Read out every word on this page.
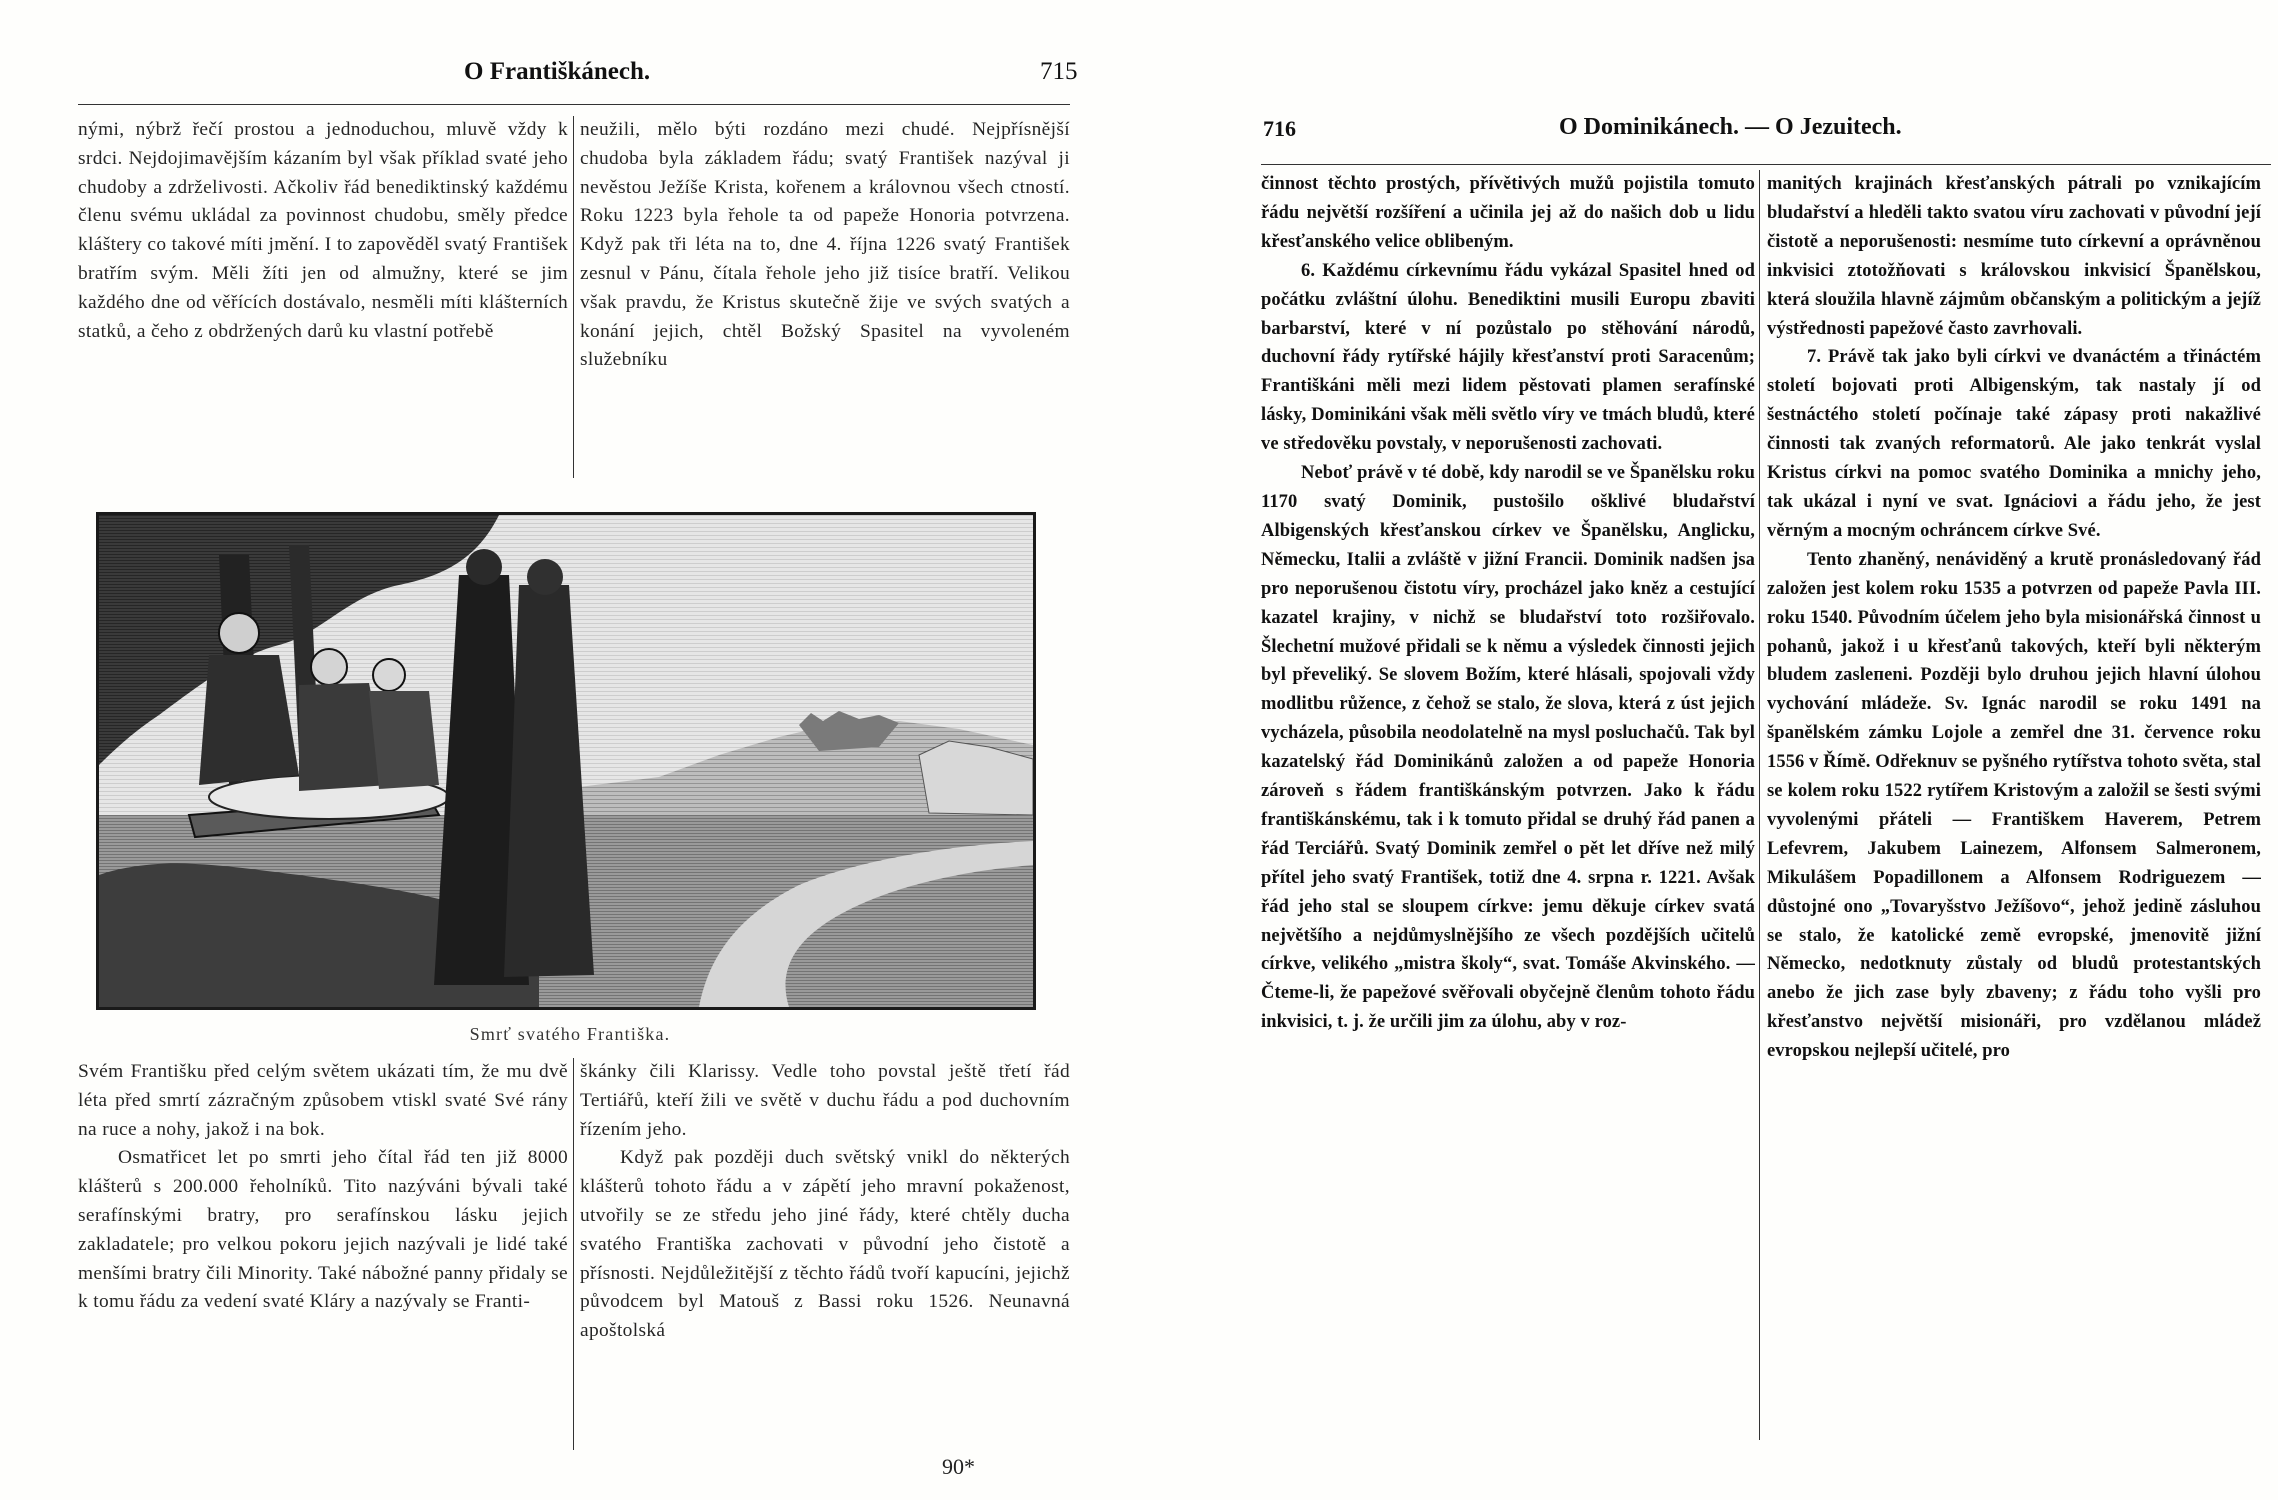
O Františkánech.	715

nými, nýbrž řečí prostou a jednoduchou, mluvě vždy k srdci. Nejdojimavějším kázaním byl však příklad svaté jeho chudoby a zdrželivosti. Ačkoliv řád benediktinský každému členu svému ukládal za povinnost chudobu, směly předce kláštery co takové míti jmění. I to zapověděl svatý František bratřím svým. Měli žíti jen od almužny, které se jim každého dne od věřících dostávalo, nesměli míti klášterních statků, a čeho z obdržených darů ku vlastní potřebě

neužili, mělo býti rozdáno mezi chudé. Nejpřísnější chudoba byla základem řádu; svatý František nazýval ji nevěstou Ježíše Krista, kořenem a královnou všech ctností. Roku 1223 byla řehole ta od papeže Honoria potvrzena. Když pak tři léta na to, dne 4. října 1226 svatý František zesnul v Pánu, čítala řehole jeho již tisíce bratří. Velikou však pravdu, že Kristus skutečně žije ve svých svatých a konání jejich, chtěl Božský Spasitel na vyvoleném služebníku

Smrť svatého Františka.

Svém Františku před celým světem ukázati tím, že mu dvě léta před smrtí zázračným způsobem vtiskl svaté Své rány na ruce a nohy, jakož i na bok.

Osmatřicet let po smrti jeho čítal řád ten již 8000 klášterů s 200.000 řeholníků. Tito nazýváni bývali také serafínskými bratry, pro serafínskou lásku jejich zakladatele; pro velkou pokoru jejich nazývali je lidé také menšími bratry čili Minority. Také nábožné panny přidaly se k tomu řádu za vedení svaté Kláry a nazývaly se Franti-

škánky čili Klarissy. Vedle toho povstal ještě třetí řád Tertiářů, kteří žili ve světě v duchu řádu a pod duchovním řízením jeho.

Když pak později duch světský vnikl do některých klášterů tohoto řádu a v zápětí jeho mravní pokaženost, utvořily se ze středu jeho jiné řády, které chtěly ducha svatého Františka zachovati v původní jeho čistotě a přísnosti. Nejdůležitější z těchto řádů tvoří kapucíni, jejichž původcem byl Matouš z Bassi roku 1526. Neunavná apoštolská

90*
716	O Dominikánech. — O Jezuitech.

činnost těchto prostých, přívětivých mužů pojistila tomuto řádu největší rozšíření a učinila jej až do našich dob u lidu křesťanského velice oblibeným.

6. Každému církevnímu řádu vykázal Spasitel hned od počátku zvláštní úlohu. Benediktini musili Europu zbaviti barbarství, které v ní pozůstalo po stěhování národů, duchovní řády rytířské hájily křesťanství proti Saracenům; Františkáni měli mezi lidem pěstovati plamen serafínské lásky, Dominikáni však měli světlo víry ve tmách bludů, které ve středověku povstaly, v neporušenosti zachovati.

Neboť právě v té době, kdy narodil se ve Španělsku roku 1170 svatý Dominik, pustošilo ošklivé bludařství Albigenských křesťanskou církev ve Španělsku, Anglicku, Německu, Italii a zvláště v jižní Francii. Dominik nadšen jsa pro neporušenou čistotu víry, procházel jako kněz a cestující kazatel krajiny, v nichž se bludařství toto rozšiřovalo. Šlechetní mužové přidali se k němu a výsledek činnosti jejich byl převeliký. Se slovem Božím, které hlásali, spojovali vždy modlitbu růžence, z čehož se stalo, že slova, která z úst jejich vycházela, působila neodolatelně na mysl posluchačů. Tak byl kazatelský řád Dominikánů založen a od papeže Honoria zároveň s řádem františkánským potvrzen. Jako k řádu františkánskému, tak i k tomuto přidal se druhý řád panen a řád Terciářů. Svatý Dominik zemřel o pět let dříve než milý přítel jeho svatý František, totiž dne 4. srpna r. 1221. Avšak řád jeho stal se sloupem církve: jemu děkuje církev svatá největšího a nejdůmyslnějšího ze všech pozdějších učitelů církve, velikého „mistra školy“, svat. Tomáše Akvinského. — Čteme-li, že papežové svěřovali obyčejně členům tohoto řádu inkvisici, t. j. že určili jim za úlohu, aby v roz-

manitých krajinách křesťanských pátrali po vznikajícím bludařství a hleděli takto svatou víru zachovati v původní její čistotě a neporušenosti: nesmíme tuto církevní a oprávněnou inkvisici ztotožňovati s královskou inkvisicí Španělskou, která sloužila hlavně zájmům občanským a politickým a jejíž výstřednosti papežové často zavrhovali.

7. Právě tak jako byli církvi ve dvanáctém a třináctém století bojovati proti Albigenským, tak nastaly jí od šestnáctého století počínaje také zápasy proti nakažlivé činnosti tak zvaných reformatorů. Ale jako tenkrát vyslal Kristus církvi na pomoc svatého Dominika a mnichy jeho, tak ukázal i nyní ve svat. Ignáciovi a řádu jeho, že jest věrným a mocným ochráncem církve Své.

Tento zhaněný, nenáviděný a krutě pronásledovaný řád založen jest kolem roku 1535 a potvrzen od papeže Pavla III. roku 1540. Původním účelem jeho byla misionářská činnost u pohanů, jakož i u křesťanů takových, kteří byli některým bludem zasleпeni. Později bylo druhou jejich hlavní úlohou vychování mládeže. Sv. Ignác narodil se roku 1491 na španělském zámku Lojole a zemřel dne 31. července roku 1556 v Římě. Odřeknuv se pyšného rytířstva tohoto světa, stal se kolem roku 1522 rytířem Kristovým a založil se šesti svými vyvolenými přáteli — Františkem Haverem, Petrem Lefevrem, Jakubem Lainezem, Alfonsem Salmeronem, Mikulášem Popadillonem a Alfonsem Rodriguezem — důstojné ono „Tovaryšstvo Ježíšovo“, jehož jedině zásluhou se stalo, že katolické země evropské, jmenovitě jižní Německo, nedotknuty zůstaly od bludů protestantských anebo že jich zase byly zbaveny; z řádu toho vyšli pro křesťanstvo největší misionáři, pro vzdělanou mládež evropskou nejlepší učitelé, pro
